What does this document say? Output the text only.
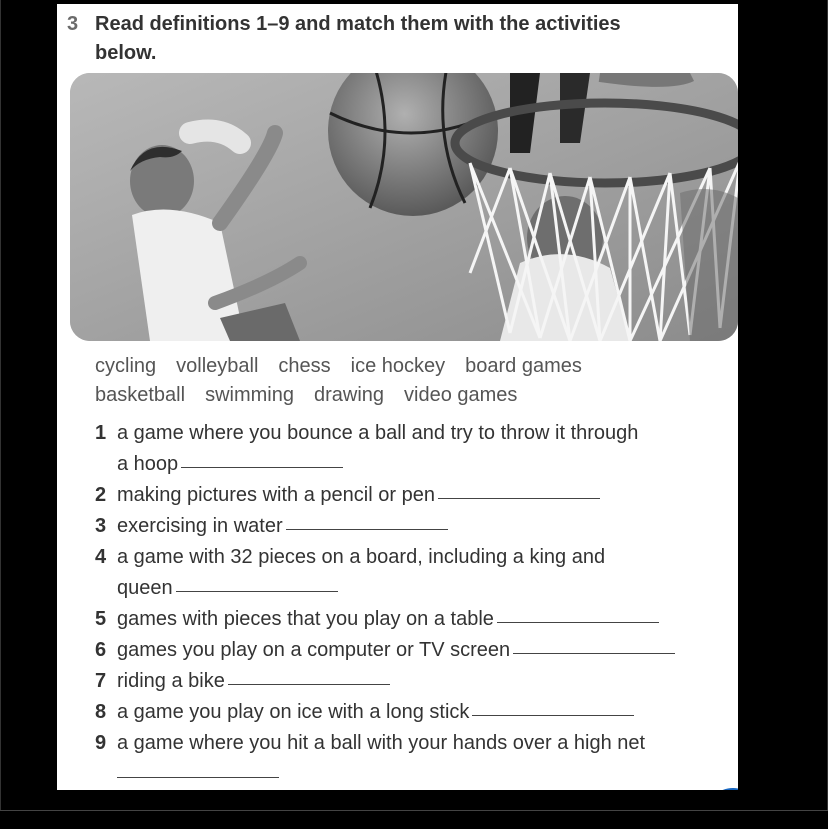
3 Read definitions 1–9 and match them with the activities
below.
cycling volleyball chess ice hockey board games
basketball swimming drawing video games
1 a game where you bounce a ball and try to throw it through
a hoop
2 making pictures with a pencil or pen
3 exercising in water
4 a game with 32 pieces on a board, including a king and
queen
5 games with pieces that you play on a table
6 games you play on a computer or TV screen
7 riding a bike
8 a game you play on ice with a long stick
9 a game where you hit a ball with your hands over a high net
